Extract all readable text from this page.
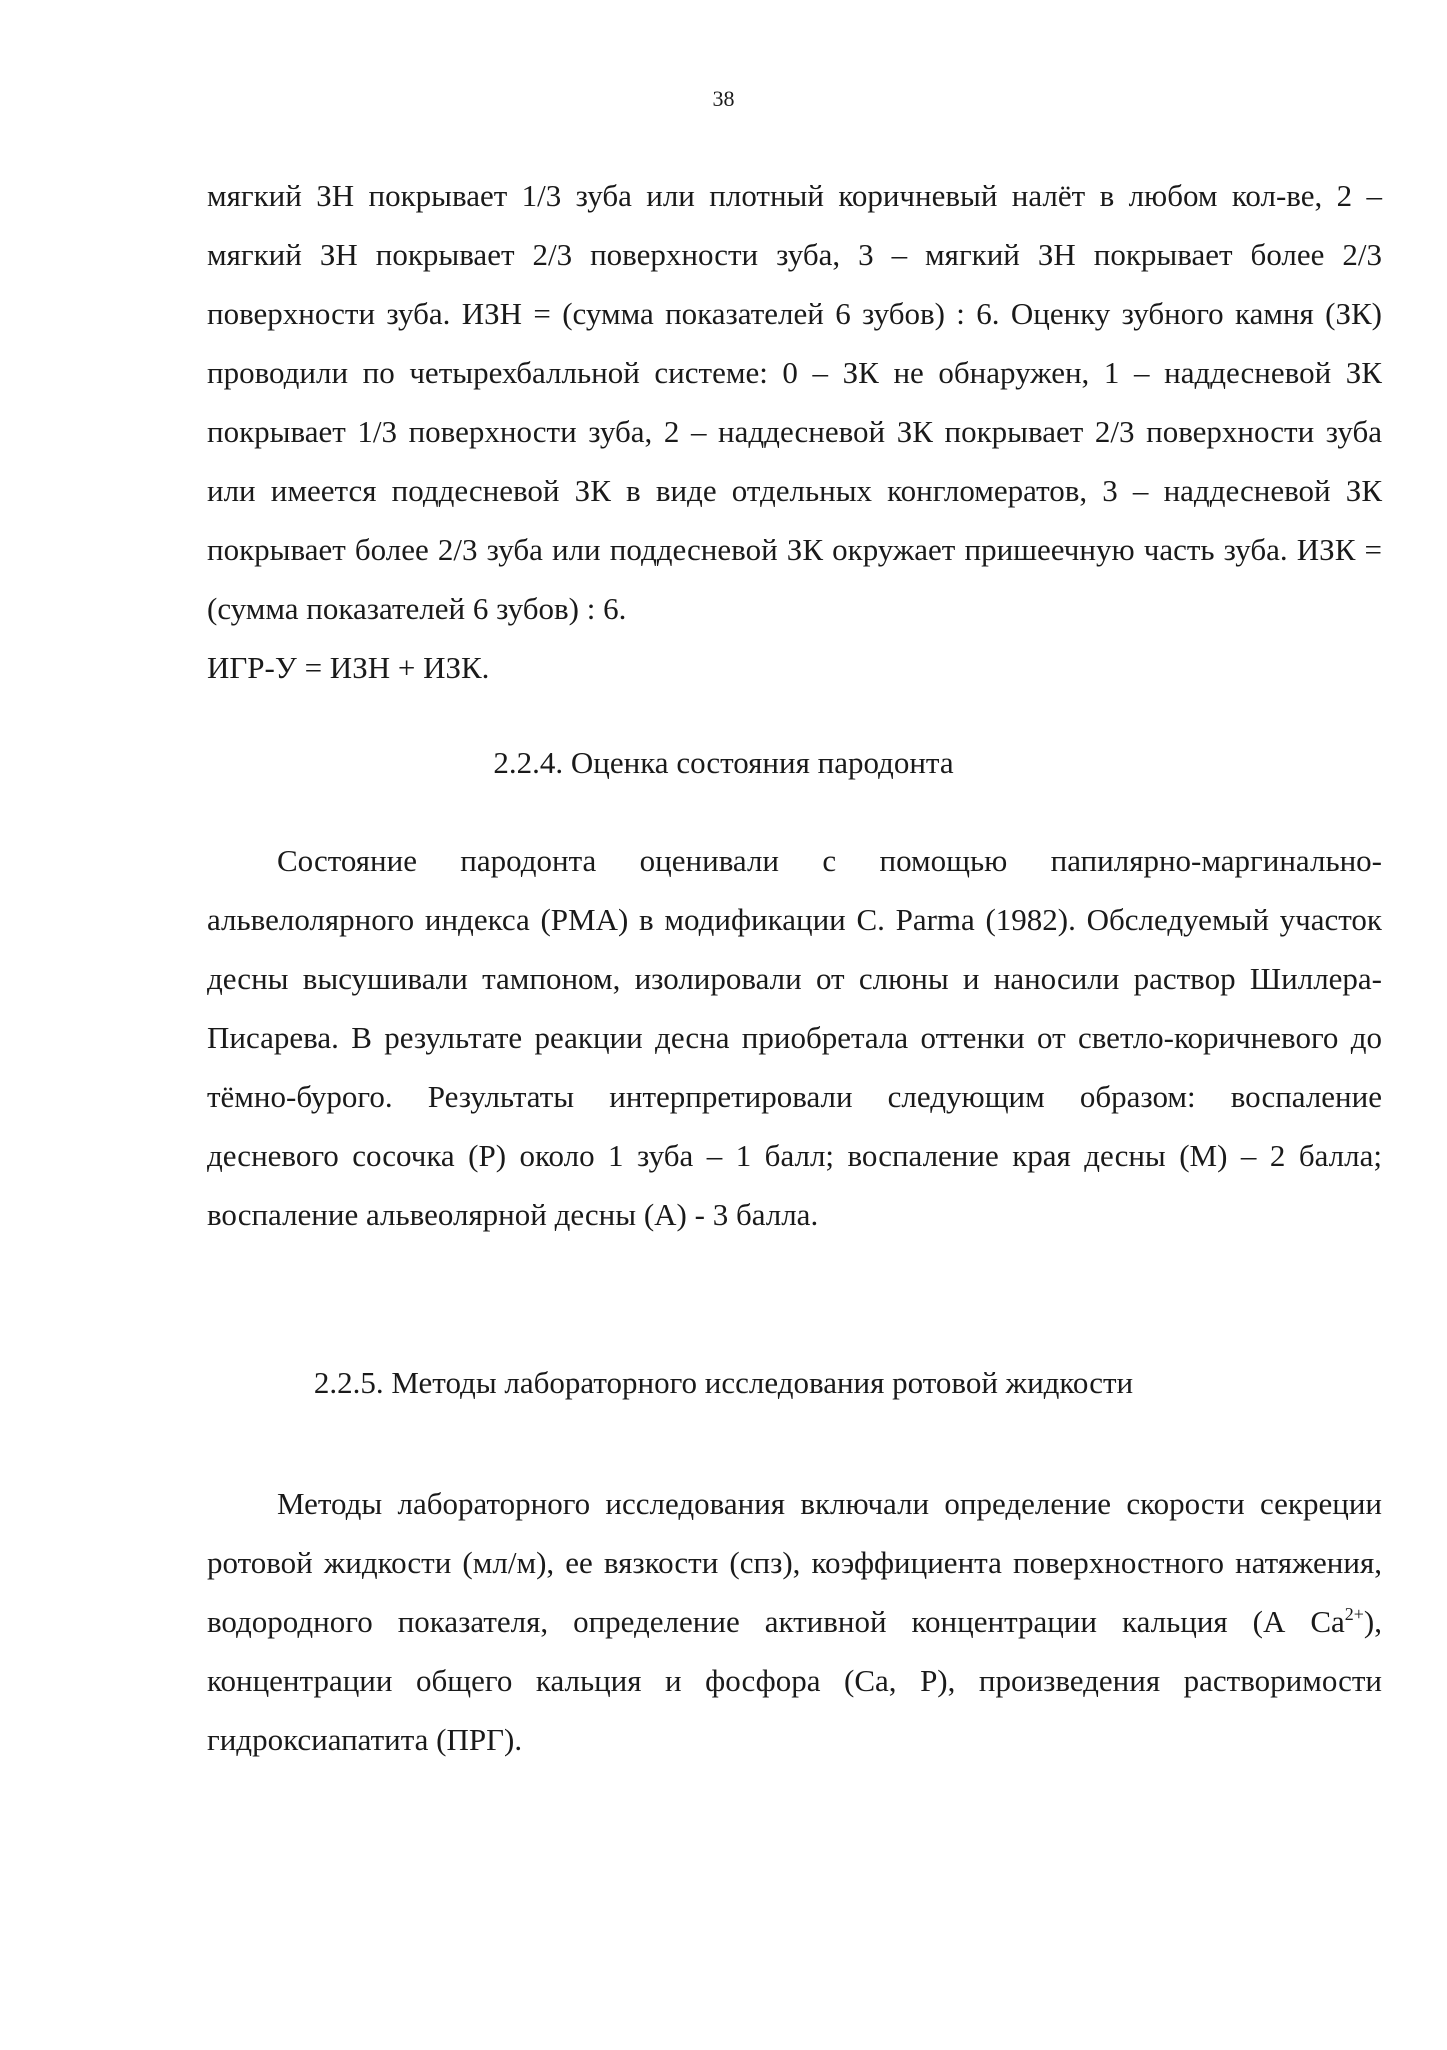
38

мягкий ЗН покрывает 1/3 зуба или плотный коричневый налёт в любом кол-ве, 2 – мягкий ЗН покрывает 2/3 поверхности зуба, 3 – мягкий ЗН покрывает более 2/3 поверхности зуба. ИЗН = (сумма показателей 6 зубов) : 6. Оценку зубного камня (ЗК) проводили по четырехбалльной системе: 0 – ЗК не обнаружен, 1 – наддесневой ЗК покрывает 1/3 поверхности зуба, 2 – наддесневой ЗК покрывает 2/3 поверхности зуба или имеется поддесневой ЗК в виде отдельных конгломератов, 3 – наддесневой ЗК покрывает более 2/3 зуба или поддесневой ЗК окружает пришеечную часть зуба. ИЗК = (сумма показателей 6 зубов) : 6.

ИГР-У = ИЗН + ИЗК.

2.2.4. Оценка состояния пародонта

Состояние пародонта оценивали с помощью папилярно-маргинально-альвелолярного индекса (РМА) в модификации C. Parma (1982). Обследуемый участок десны высушивали тампоном, изолировали от слюны и наносили раствор Шиллера-Писарева. В результате реакции десна приобретала оттенки от светло-коричневого до тёмно-бурого. Результаты интерпретировали следующим образом: воспаление десневого сосочка (Р) около 1 зуба – 1 балл; воспаление края десны (М) – 2 балла; воспаление альвеолярной десны (А) - 3 балла.

2.2.5. Методы лабораторного исследования ротовой жидкости

Методы лабораторного исследования включали определение скорости секреции ротовой жидкости (мл/м), ее вязкости (спз), коэффициента поверхностного натяжения, водородного показателя, определение активной концентрации кальция (А $Са^{2+}$), концентрации общего кальция и фосфора (Са, Р), произведения растворимости гидроксиапатита (ПРГ).
